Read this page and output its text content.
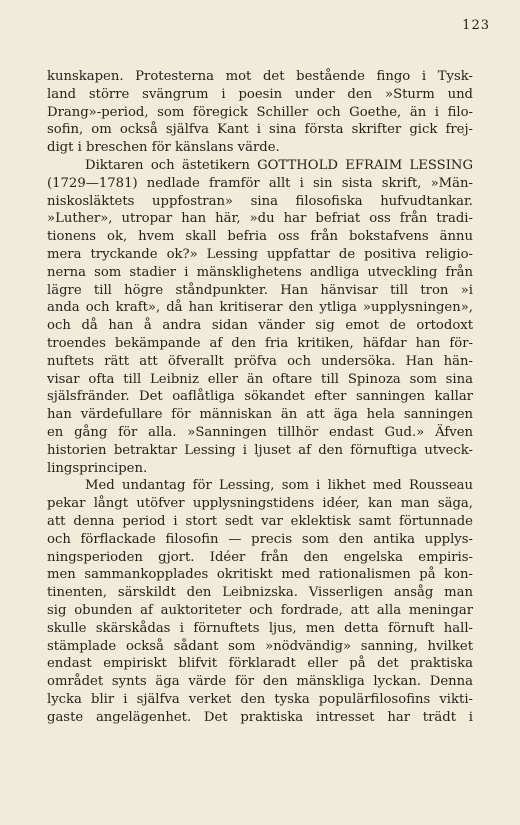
123
kunskapen. Protesterna mot det bestående fingo i Tysk-
land större svängrum i poesin under den »Sturm und
Drang»-period, som föregick Schiller och Goethe, än i filo-
sofin, om också själfva Kant i sina första skrifter gick frej-
digt i breschen för känslans värde.
Diktaren och ästetikern GOTTHOLD EFRAIM LESSING
(1729—1781) nedlade framför allt i sin sista skrift, »Män-
niskosläktets uppfostran» sina filosofiska hufvudtankar.
»Luther», utropar han här, »du har befriat oss från tradi-
tionens ok, hvem skall befria oss från bokstafvens ännu
mera tryckande ok?» Lessing uppfattar de positiva religio-
nerna som stadier i mänsklighetens andliga utveckling från
lägre till högre ståndpunkter. Han hänvisar till tron »i
anda och kraft», då han kritiserar den ytliga »upplysningen»,
och då han å andra sidan vänder sig emot de ortodoxt
troendes bekämpande af den fria kritiken, häfdar han för-
nuftets rätt att öfverallt pröfva och undersöka. Han hän-
visar ofta till Leibniz eller än oftare till Spinoza som sina
själsfränder. Det oaflåtliga sökandet efter sanningen kallar
han värdefullare för människan än att äga hela sanningen
en gång för alla. »Sanningen tillhör endast Gud.» Äfven
historien betraktar Lessing i ljuset af den förnuftiga utveck-
lingsprincipen.
Med undantag för Lessing, som i likhet med Rousseau
pekar långt utöfver upplysningstidens idéer, kan man säga,
att denna period i stort sedt var eklektisk samt förtunnade
och förflackade filosofin — precis som den antika upplys-
ningsperioden gjort. Idéer från den engelska empiris-
men sammankopplades okritiskt med rationalismen på kon-
tinenten, särskildt den Leibnizska. Visserligen ansåg man
sig obunden af auktoriteter och fordrade, att alla meningar
skulle skärskådas i förnuftets ljus, men detta förnuft hall-
stämplade också sådant som »nödvändig» sanning, hvilket
endast empiriskt blifvit förklaradt eller på det praktiska
området synts äga värde för den mänskliga lyckan. Denna
lycka blir i själfva verket den tyska populärfilosofins vikti-
gaste angelägenhet. Det praktiska intresset har trädt i
